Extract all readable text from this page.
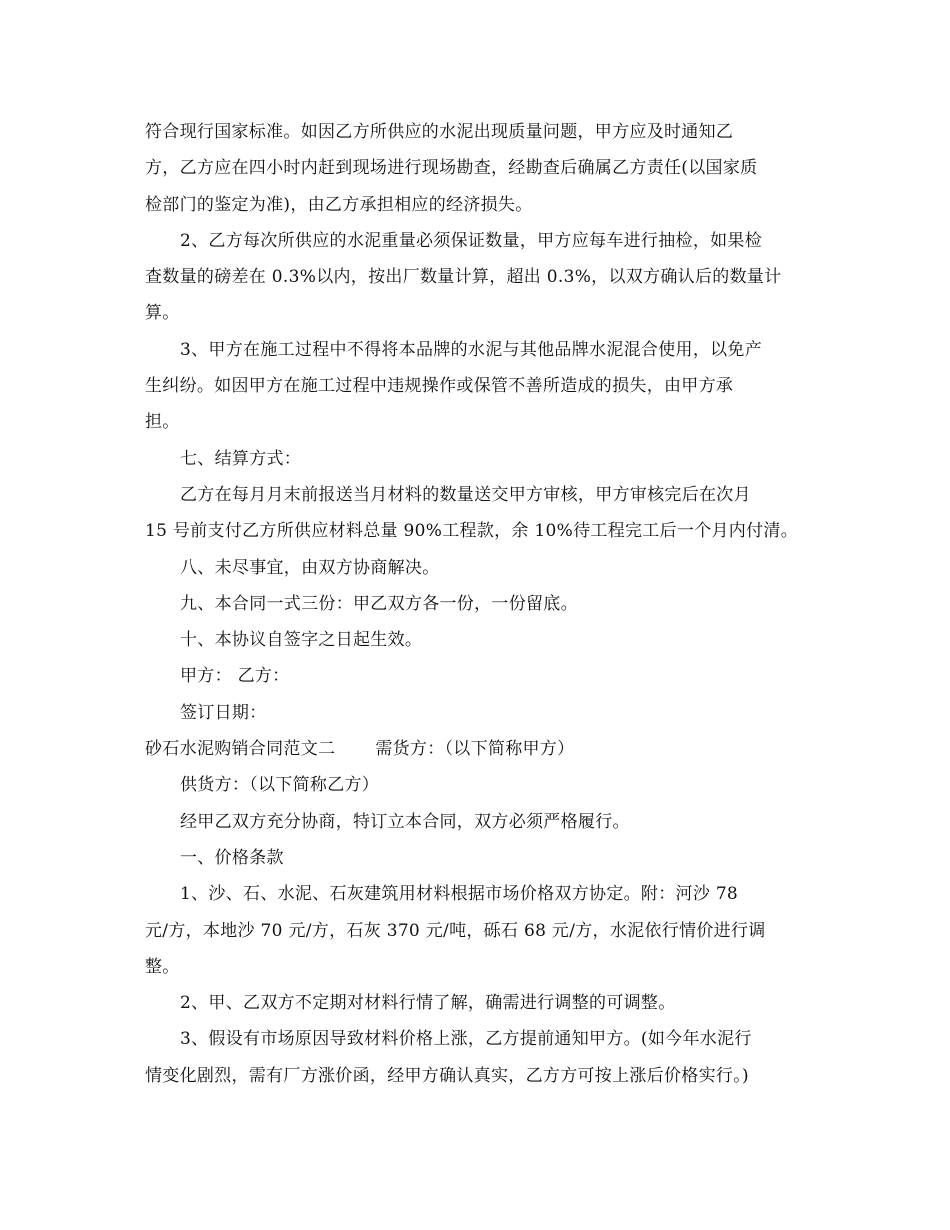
符合现行国家标准。如因乙方所供应的水泥出现质量问题，甲方应及时通知乙
方，乙方应在四小时内赶到现场进行现场勘查，经勘查后确属乙方责任(以国家质
检部门的鉴定为准)，由乙方承担相应的经济损失。
2、乙方每次所供应的水泥重量必须保证数量，甲方应每车进行抽检，如果检
查数量的磅差在 0.3%以内，按出厂数量计算，超出 0.3%，以双方确认后的数量计
算。
3、甲方在施工过程中不得将本品牌的水泥与其他品牌水泥混合使用，以免产
生纠纷。如因甲方在施工过程中违规操作或保管不善所造成的损失，由甲方承
担。
七、结算方式：
乙方在每月月末前报送当月材料的数量送交甲方审核，甲方审核完后在次月
15 号前支付乙方所供应材料总量 90%工程款，余 10%待工程完工后一个月内付清。
八、未尽事宜，由双方协商解决。
九、本合同一式三份：甲乙双方各一份，一份留底。
十、本协议自签字之日起生效。
甲方： 乙方：
签订日期：
砂石水泥购销合同范文二 需货方：（以下简称甲方）
供货方：（以下简称乙方）
经甲乙双方充分协商，特订立本合同，双方必须严格履行。
一、价格条款
1、沙、石、水泥、石灰建筑用材料根据市场价格双方协定。附：河沙 78
元/方，本地沙 70 元/方，石灰 370 元/吨，砾石 68 元/方，水泥依行情价进行调
整。
2、甲、乙双方不定期对材料行情了解，确需进行调整的可调整。
3、假设有市场原因导致材料价格上涨，乙方提前通知甲方。(如今年水泥行
情变化剧烈，需有厂方涨价函，经甲方确认真实，乙方方可按上涨后价格实行。)
